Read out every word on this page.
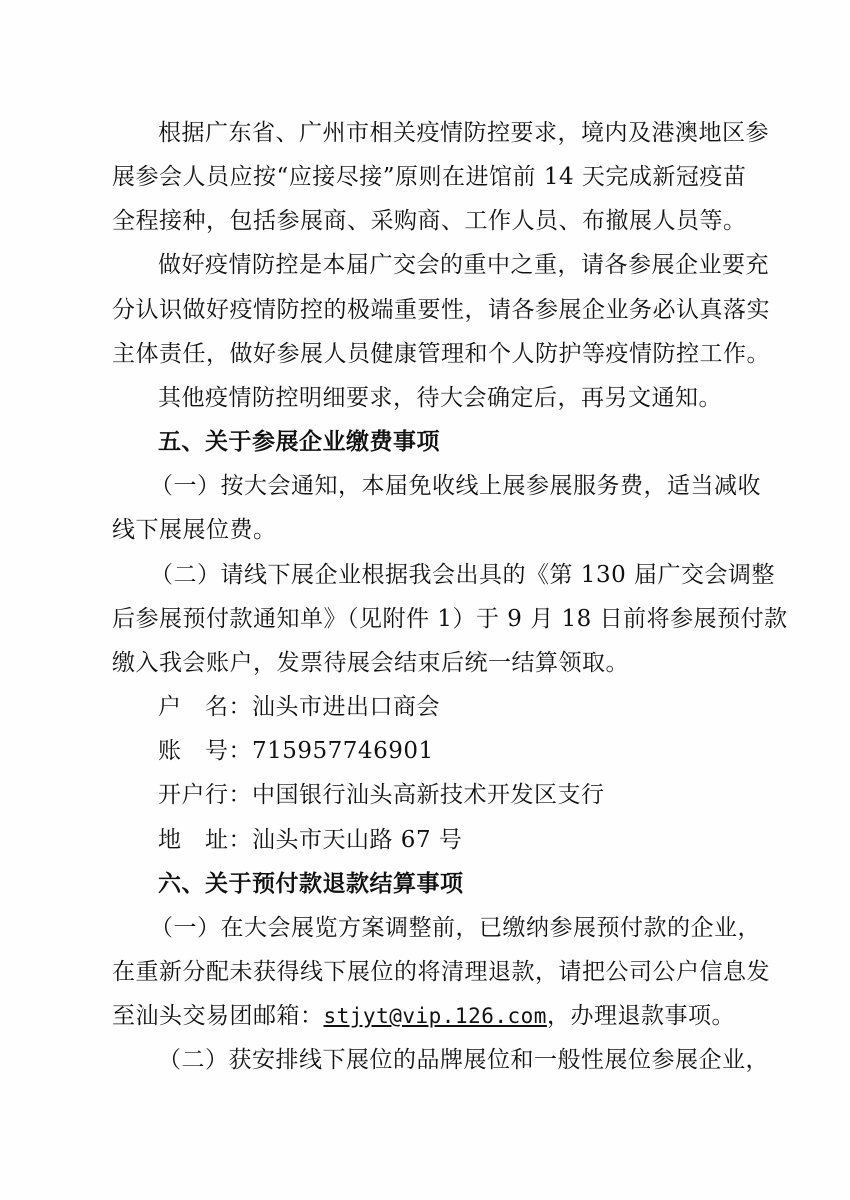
根据广东省、广州市相关疫情防控要求，境内及港澳地区参
展参会人员应按“应接尽接”原则在进馆前 14 天完成新冠疫苗
全程接种，包括参展商、采购商、工作人员、布撤展人员等。
做好疫情防控是本届广交会的重中之重，请各参展企业要充
分认识做好疫情防控的极端重要性，请各参展企业务必认真落实
主体责任，做好参展人员健康管理和个人防护等疫情防控工作。
其他疫情防控明细要求，待大会确定后，再另文通知。
五、关于参展企业缴费事项
（一）按大会通知，本届免收线上展参展服务费，适当减收
线下展展位费。
（二）请线下展企业根据我会出具的《第 130 届广交会调整
后参展预付款通知单》（见附件 1）于 9 月 18 日前将参展预付款
缴入我会账户，发票待展会结束后统一结算领取。
户　名：汕头市进出口商会
账　号：715957746901
开户行：中国银行汕头高新技术开发区支行
地　址：汕头市天山路 67 号
六、关于预付款退款结算事项
（一）在大会展览方案调整前，已缴纳参展预付款的企业，
在重新分配未获得线下展位的将清理退款，请把公司公户信息发
至汕头交易团邮箱：stjyt@vip.126.com，办理退款事项。
（二）获安排线下展位的品牌展位和一般性展位参展企业，
